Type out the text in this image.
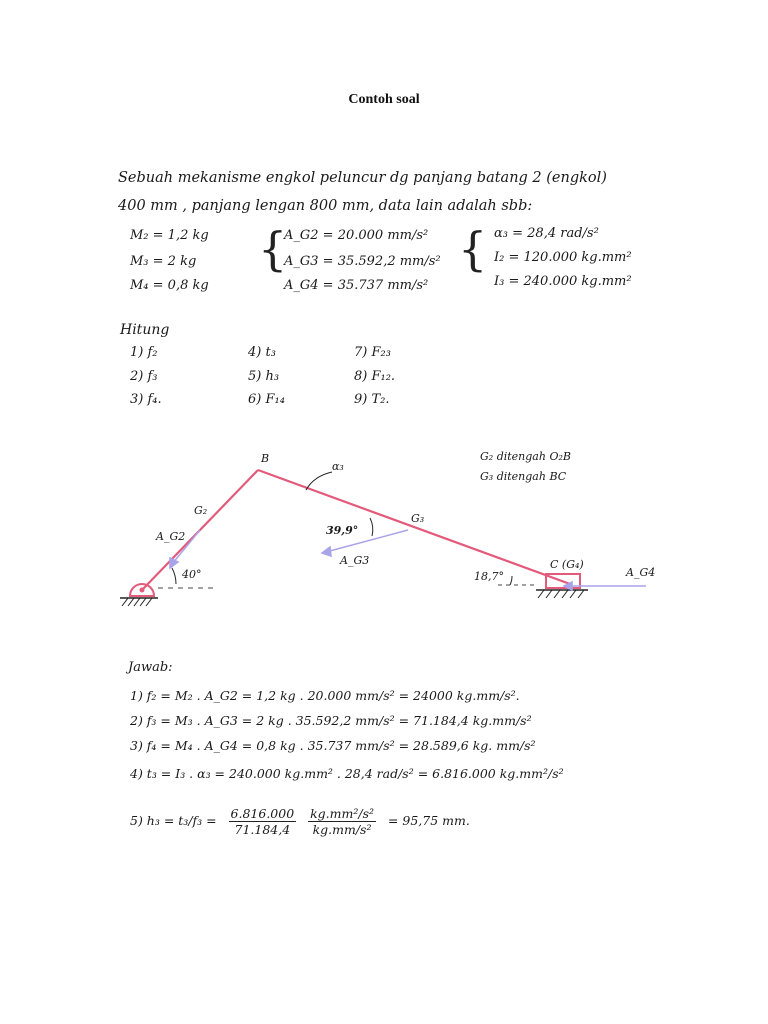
Contoh soal
Sebuah mekanisme engkol peluncur dg panjang batang 2 (engkol)
400 mm , panjang lengan 800 mm, data lain adalah sbb:
M₂ = 1,2 kg
M₃ = 2 kg
M₄ = 0,8 kg
{
A_G2 = 20.000 mm/s²
A_G3 = 35.592,2 mm/s²
A_G4 = 35.737 mm/s²
{ α₃ = 28,4 rad/s²
I₂ = 120.000 kg.mm²
I₃ = 240.000 kg.mm²
Hitung
1) f₂
2) f₃
3) f₄.
4) t₃
5) h₃
6) F₁₄
7) F₂₃
8) F₁₂.
9) T₂.
B
α₃
G₂
G₃
A_G2
40°
39,9°
A_G3	C (G₄)
A_G4
18,7°
G₂ ditengah O₂B
G₃ ditengah BC
Jawab:
1) f₂ = M₂ . A_G2 = 1,2 kg . 20.000 mm/s² = 24000 kg.mm/s².
2) f₃ = M₃ . A_G3 = 2 kg . 35.592,2 mm/s² = 71.184,4 kg.mm/s²
3) f₄ = M₄ . A_G4 = 0,8 kg . 35.737 mm/s² = 28.589,6 kg. mm/s²
4) t₃ = I₃ . α₃ = 240.000 kg.mm² . 28,4 rad/s² = 6.816.000 kg.mm²/s²
5) $h_3 = t_3/f_3 = \frac{6.816.000}{71.184,4}$
$\frac{\text{kg.mm²/s²}}{\text{kg.mm/s²}} = 95,75$ mm.
